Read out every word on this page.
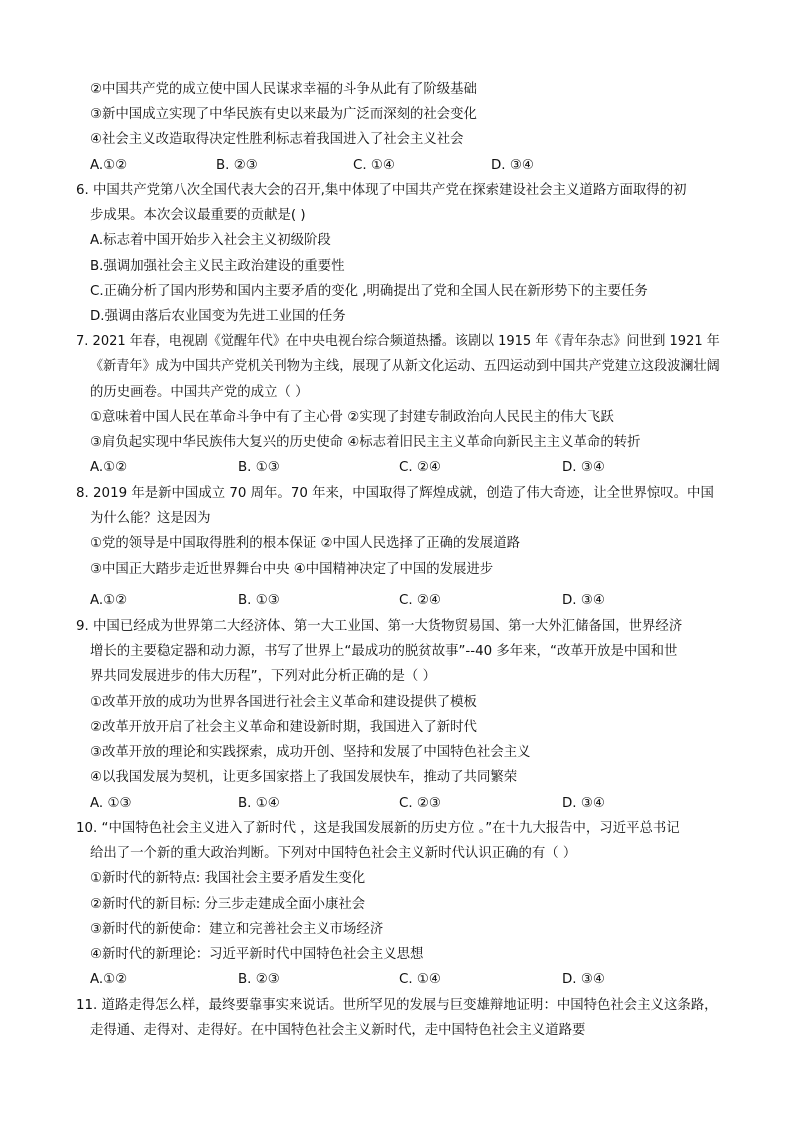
②中国共产党的成立使中国人民谋求幸福的斗争从此有了阶级基础
③新中国成立实现了中华民族有史以来最为广泛而深刻的社会变化
④社会主义改造取得决定性胜利标志着我国进入了社会主义社会
A.①②	B. ②③	C. ①④	D. ③④
6. 中国共产党第八次全国代表大会的召开,集中体现了中国共产党在探索建设社会主义道路方面取得的初
步成果。本次会议最重要的贡献是( )
A.标志着中国开始步入社会主义初级阶段
B.强调加强社会主义民主政治建设的重要性
C.正确分析了国内形势和国内主要矛盾的变化 ,明确提出了党和全国人民在新形势下的主要任务
D.强调由落后农业国变为先进工业国的任务
7. 2021 年春，电视剧《觉醒年代》在中央电视台综合频道热播。该剧以 1915 年《青年杂志》问世到 1921 年
《新青年》成为中国共产党机关刊物为主线，展现了从新文化运动、五四运动到中国共产党建立这段波澜壮阔
的历史画卷。中国共产党的成立（ ）
①意味着中国人民在革命斗争中有了主心骨 ②实现了封建专制政治向人民民主的伟大飞跃
③肩负起实现中华民族伟大复兴的历史使命 ④标志着旧民主主义革命向新民主主义革命的转折
A.①②	B. ①③	C. ②④	D. ③④
8. 2019 年是新中国成立 70 周年。70 年来，中国取得了辉煌成就，创造了伟大奇迹，让全世界惊叹。中国
为什么能？这是因为
①党的领导是中国取得胜利的根本保证 ②中国人民选择了正确的发展道路
③中国正大踏步走近世界舞台中央 ④中国精神决定了中国的发展进步
A.①②	B. ①③	C. ②④	D. ③④
9. 中国已经成为世界第二大经济体、第一大工业国、第一大货物贸易国、第一大外汇储备国，世界经济
增长的主要稳定器和动力源，书写了世界上“最成功的脱贫故事”--40 多年来，“改革开放是中国和世
界共同发展进步的伟大历程”，下列对此分析正确的是（ ）
①改革开放的成功为世界各国进行社会主义革命和建设提供了模板
②改革开放开启了社会主义革命和建设新时期，我国进入了新时代
③改革开放的理论和实践探索，成功开创、坚持和发展了中国特色社会主义
④以我国发展为契机，让更多国家搭上了我国发展快车，推动了共同繁荣
A. ①③	B. ①④	C. ②③	D. ③④
10. “中国特色社会主义进入了新时代 ，这是我国发展新的历史方位 。”在十九大报告中，习近平总书记
给出了一个新的重大政治判断。下列对中国特色社会主义新时代认识正确的有（ ）
①新时代的新特点: 我国社会主要矛盾发生变化
②新时代的新目标: 分三步走建成全面小康社会
③新时代的新使命：建立和完善社会主义市场经济
④新时代的新理论：习近平新时代中国特色社会主义思想
A.①②	B. ②③	C. ①④	D. ③④
11. 道路走得怎么样，最终要靠事实来说话。世所罕见的发展与巨变雄辩地证明：中国特色社会主义这条路，
走得通、走得对、走得好。在中国特色社会主义新时代，走中国特色社会主义道路要
